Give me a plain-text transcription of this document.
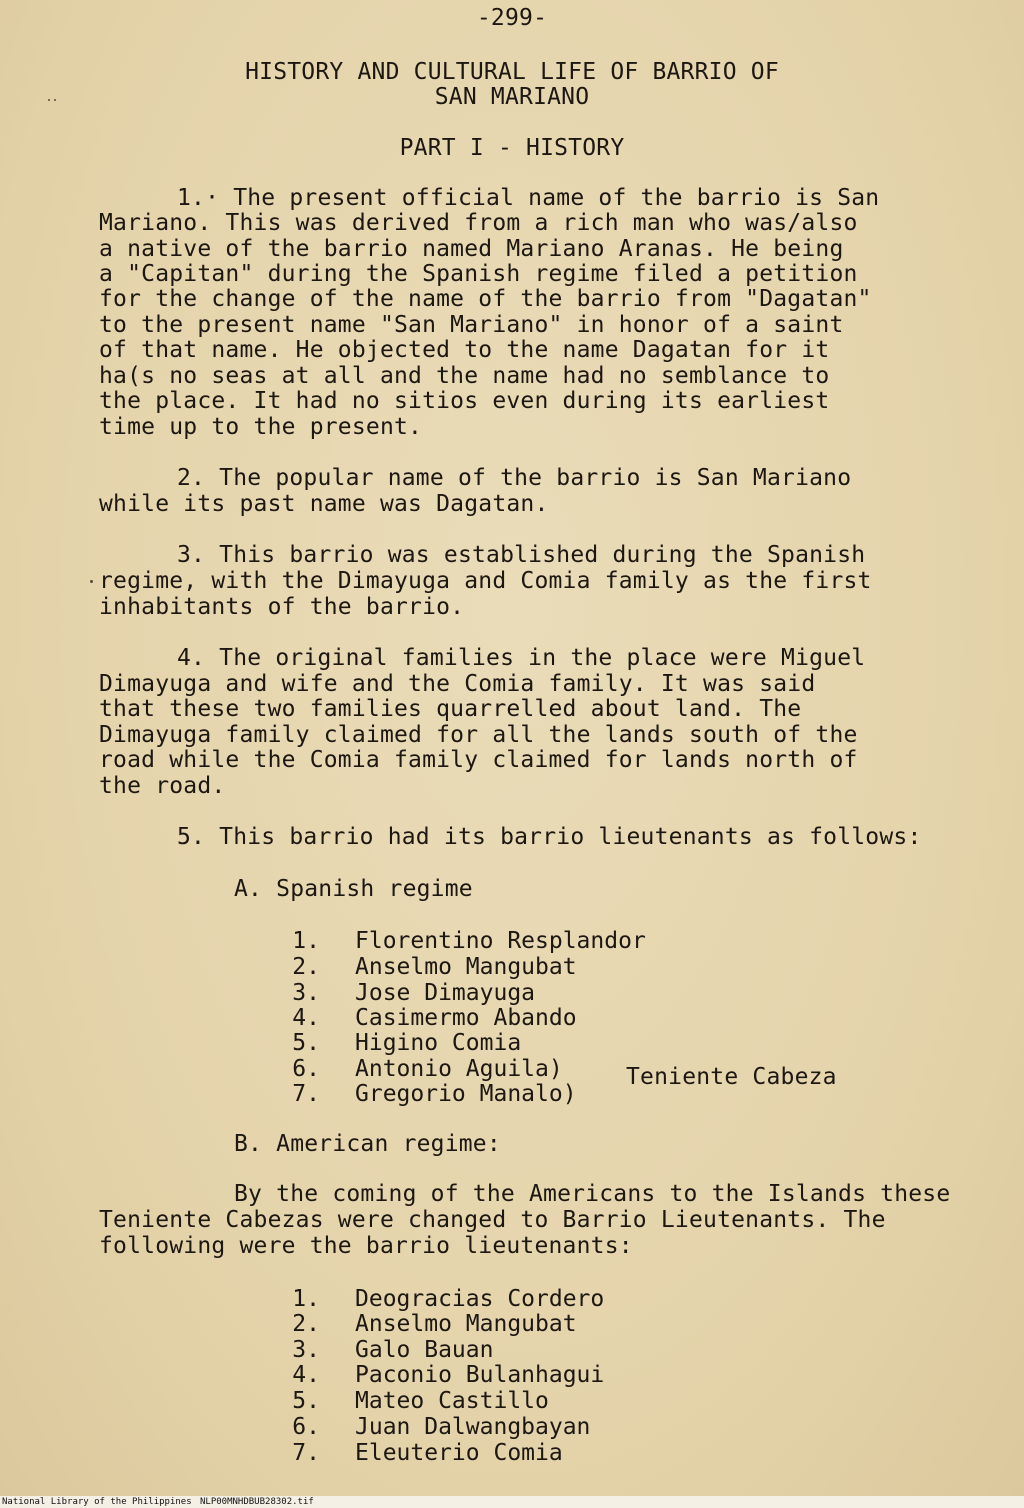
-299-
HISTORY AND CULTURAL LIFE OF BARRIO OF
SAN MARIANO
PART I - HISTORY
1.· The present official name of the barrio is San
Mariano. This was derived from a rich man who was/also
a native of the barrio named Mariano Aranas. He being
a "Capitan" during the Spanish regime filed a petition
for the change of the name of the barrio from "Dagatan"
to the present name "San Mariano" in honor of a saint
of that name. He objected to the name Dagatan for it
ha(s no seas at all and the name had no semblance to
the place. It had no sitios even during its earliest
time up to the present.
2. The popular name of the barrio is San Mariano
while its past name was Dagatan.
3. This barrio was established during the Spanish
regime, with the Dimayuga and Comia family as the first
inhabitants of the barrio.
4. The original families in the place were Miguel
Dimayuga and wife and the Comia family. It was said
that these two families quarrelled about land. The
Dimayuga family claimed for all the lands south of the
road while the Comia family claimed for lands north of
the road.
5. This barrio had its barrio lieutenants as follows:
A. Spanish regime
1. Florentino Resplandor
2. Anselmo Mangubat
3. Jose Dimayuga
4. Casimermo Abando
5. Higino Comia
6. Antonio Aguila)
7. Gregorio Manalo)
Teniente Cabeza
B. American regime:
By the coming of the Americans to the Islands these
Teniente Cabezas were changed to Barrio Lieutenants. The
following were the barrio lieutenants:
1. Deogracias Cordero
2. Anselmo Mangubat
3. Galo Bauan
4. Paconio Bulanhagui
5. Mateo Castillo
6. Juan Dalwangbayan
7. Eleuterio Comia
National Library of the Philippines NLP00MNHDBUB28302.tif
